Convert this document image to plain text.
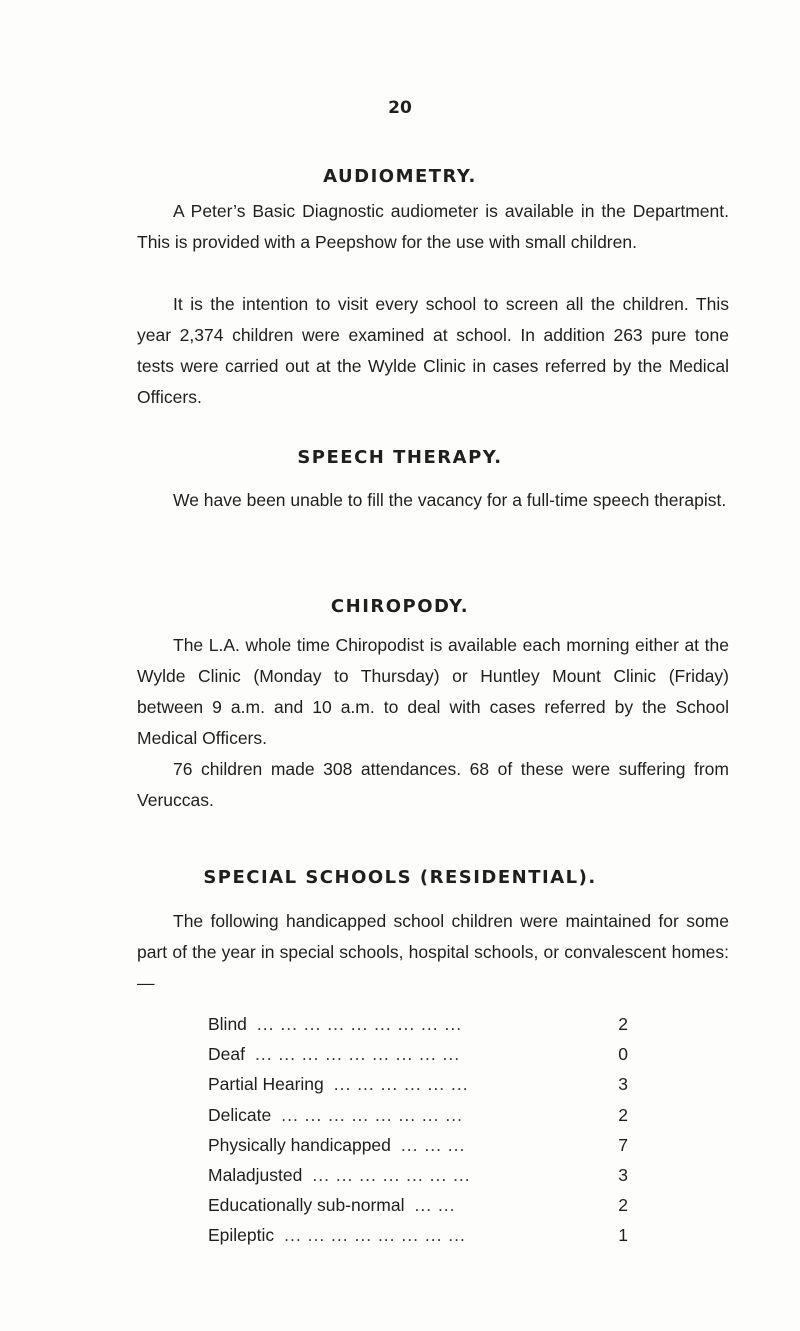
20
AUDIOMETRY.

A Peter’s Basic Diagnostic audiometer is available in the Department. This is provided with a Peepshow for the use with small children.

It is the intention to visit every school to screen all the children. This year 2,374 children were examined at school. In addition 263 pure tone tests were carried out at the Wylde Clinic in cases referred by the Medical Officers.

SPEECH THERAPY.

We have been unable to fill the vacancy for a full-time speech therapist.

CHIROPODY.

The L.A. whole time Chiropodist is available each morning either at the Wylde Clinic (Monday to Thursday) or Huntley Mount Clinic (Friday) between 9 a.m. and 10 a.m. to deal with cases referred by the School Medical Officers.

76 children made 308 attendances. 68 of these were suffering from Veruccas.

SPECIAL SCHOOLS (RESIDENTIAL).

The following handicapped school children were maintained for some part of the year in special schools, hospital schools, or convalescent homes:—

Blind ... ... ... ... ... ... ... ... ...	2
Deaf ... ... ... ... ... ... ... ... ...	0
Partial Hearing ... ... ... ... ... ...	3
Delicate ... ... ... ... ... ... ... ...	2
Physically handicapped ... ... ...	7
Maladjusted ... ... ... ... ... ... ...	3
Educationally sub-normal ... ...	2
Epileptic ... ... ... ... ... ... ... ...	1
